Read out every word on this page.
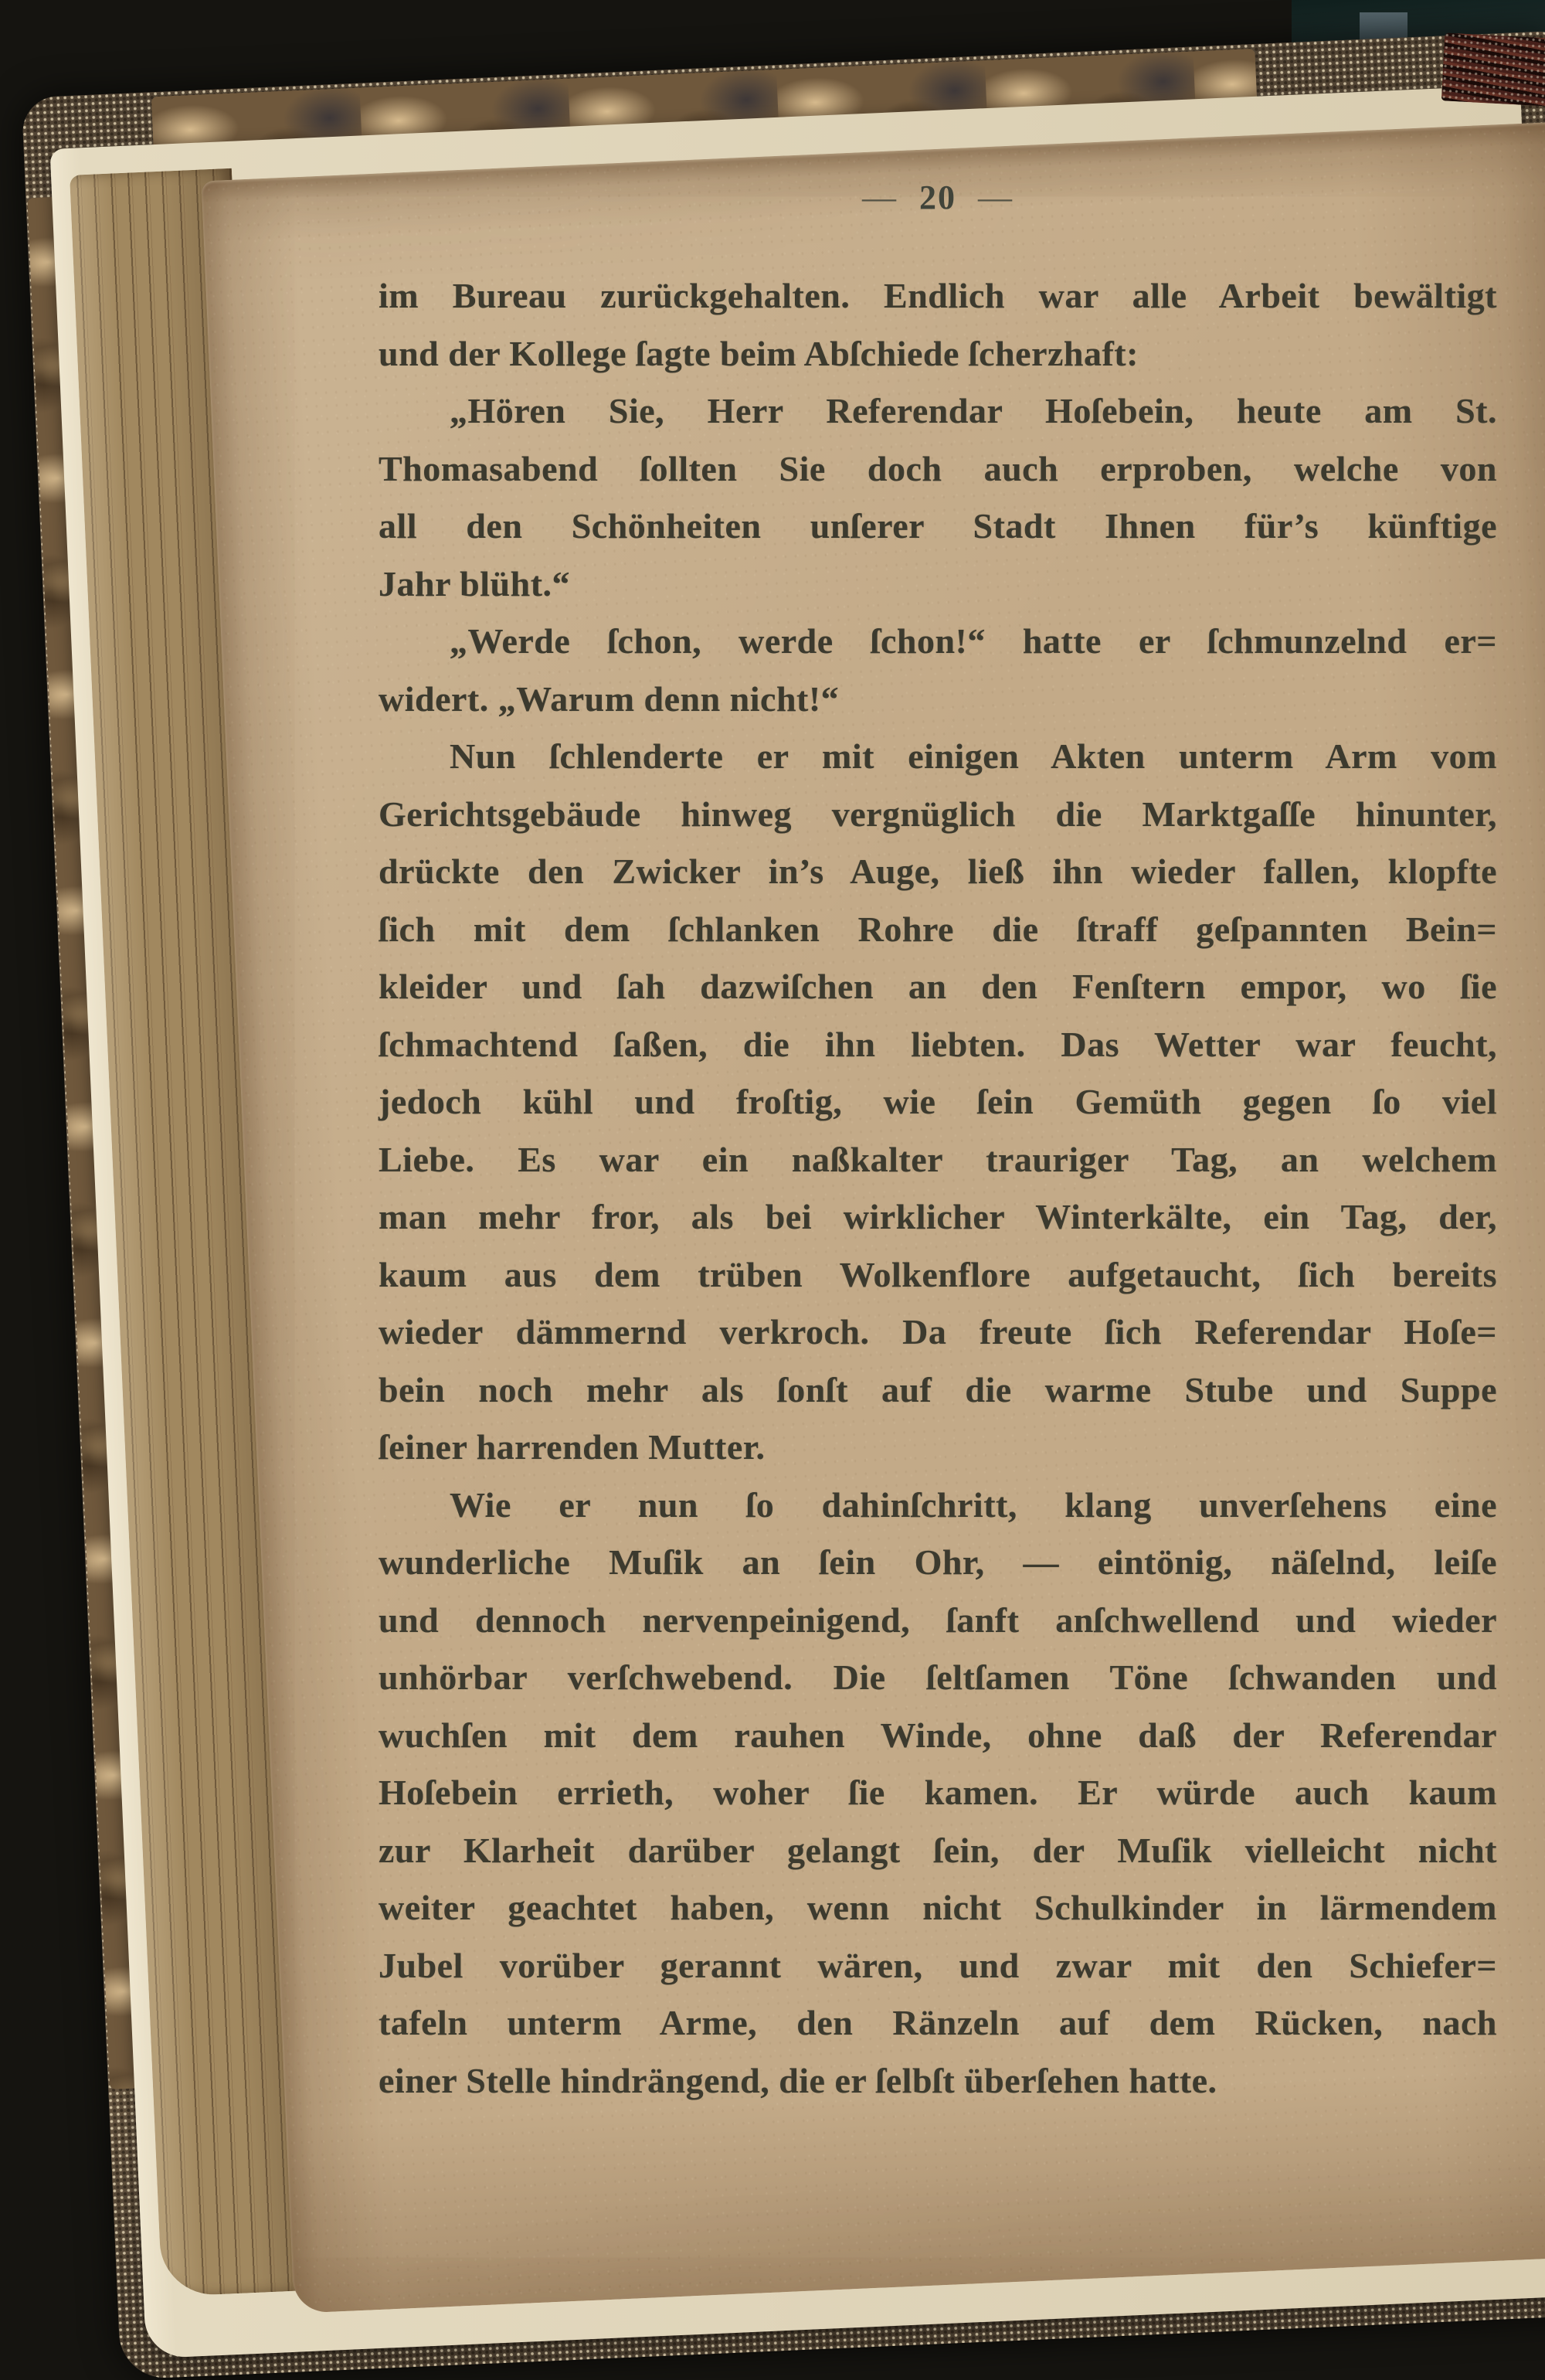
— 20 —
im Bureau zurückgehalten. Endlich war alle Arbeit bewältigt
und der Kollege ſagte beim Abſchiede ſcherzhaft:
„Hören Sie, Herr Referendar Hoſebein, heute am St.
Thomasabend ſollten Sie doch auch erproben, welche von
all den Schönheiten unſerer Stadt Ihnen für’s künftige
Jahr blüht.“
„Werde ſchon, werde ſchon!“ hatte er ſchmunzelnd er=
widert. „Warum denn nicht!“
Nun ſchlenderte er mit einigen Akten unterm Arm vom
Gerichtsgebäude hinweg vergnüglich die Marktgaſſe hinunter,
drückte den Zwicker in’s Auge, ließ ihn wieder fallen, klopfte
ſich mit dem ſchlanken Rohre die ſtraff geſpannten Bein=
kleider und ſah dazwiſchen an den Fenſtern empor, wo ſie
ſchmachtend ſaßen, die ihn liebten. Das Wetter war feucht,
jedoch kühl und froſtig, wie ſein Gemüth gegen ſo viel
Liebe. Es war ein naßkalter trauriger Tag, an welchem
man mehr fror, als bei wirklicher Winterkälte, ein Tag, der,
kaum aus dem trüben Wolkenflore aufgetaucht, ſich bereits
wieder dämmernd verkroch. Da freute ſich Referendar Hoſe=
bein noch mehr als ſonſt auf die warme Stube und Suppe
ſeiner harrenden Mutter.
Wie er nun ſo dahinſchritt, klang unverſehens eine
wunderliche Muſik an ſein Ohr, — eintönig, näſelnd, leiſe
und dennoch nervenpeinigend, ſanft anſchwellend und wieder
unhörbar verſchwebend. Die ſeltſamen Töne ſchwanden und
wuchſen mit dem rauhen Winde, ohne daß der Referendar
Hoſebein errieth, woher ſie kamen. Er würde auch kaum
zur Klarheit darüber gelangt ſein, der Muſik vielleicht nicht
weiter geachtet haben, wenn nicht Schulkinder in lärmendem
Jubel vorüber gerannt wären, und zwar mit den Schiefer=
tafeln unterm Arme, den Ränzeln auf dem Rücken, nach
einer Stelle hindrängend, die er ſelbſt überſehen hatte.
